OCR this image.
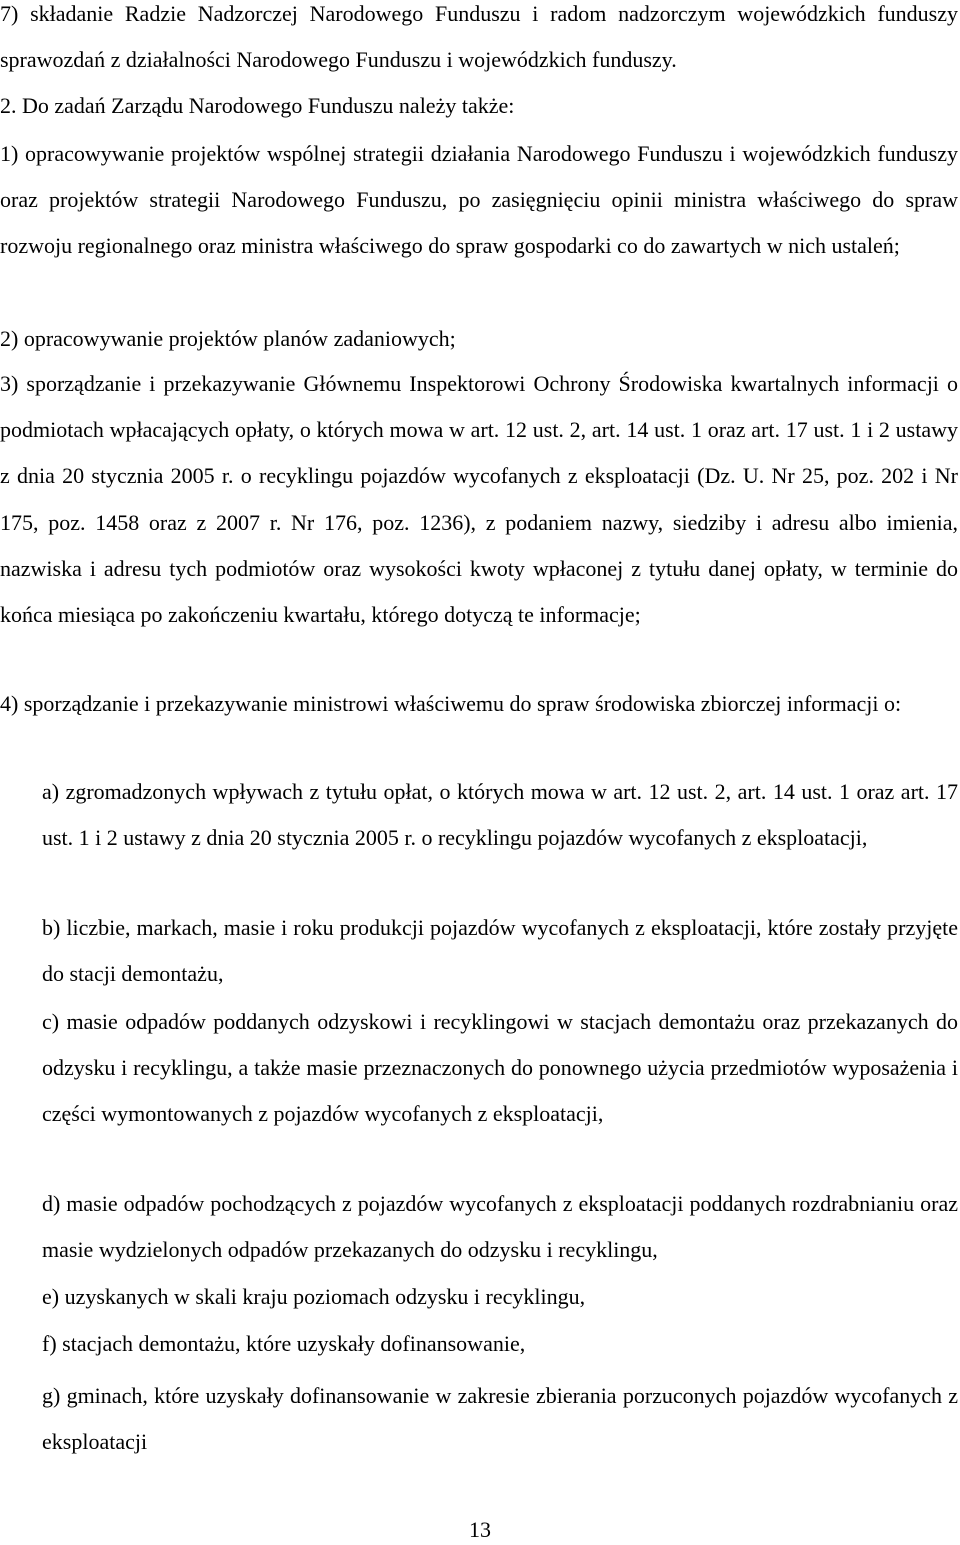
7) składanie Radzie Nadzorczej Narodowego Funduszu i radom nadzorczym wojewódzkich funduszy sprawozdań z działalności Narodowego Funduszu i wojewódzkich funduszy.

2. Do zadań Zarządu Narodowego Funduszu należy także:

1) opracowywanie projektów wspólnej strategii działania Narodowego Funduszu i wojewódzkich funduszy oraz projektów strategii Narodowego Funduszu, po zasięgnięciu opinii ministra właściwego do spraw rozwoju regionalnego oraz ministra właściwego do spraw gospodarki co do zawartych w nich ustaleń;

2) opracowywanie projektów planów zadaniowych;

3) sporządzanie i przekazywanie Głównemu Inspektorowi Ochrony Środowiska kwartalnych informacji o podmiotach wpłacających opłaty, o których mowa w art. 12 ust. 2, art. 14 ust. 1 oraz art. 17 ust. 1 i 2 ustawy z dnia 20 stycznia 2005 r. o recyklingu pojazdów wycofanych z eksploatacji (Dz. U. Nr 25, poz. 202 i Nr 175, poz. 1458 oraz z 2007 r. Nr 176, poz. 1236), z podaniem nazwy, siedziby i adresu albo imienia, nazwiska i adresu tych podmiotów oraz wysokości kwoty wpłaconej z tytułu danej opłaty, w terminie do końca miesiąca po zakończeniu kwartału, którego dotyczą te informacje;

4) sporządzanie i przekazywanie ministrowi właściwemu do spraw środowiska zbiorczej informacji o:

a) zgromadzonych wpływach z tytułu opłat, o których mowa w art. 12 ust. 2, art. 14 ust. 1 oraz art. 17 ust. 1 i 2 ustawy z dnia 20 stycznia 2005 r. o recyklingu pojazdów wycofanych z eksploatacji,

b) liczbie, markach, masie i roku produkcji pojazdów wycofanych z eksploatacji, które zostały przyjęte do stacji demontażu,

c) masie odpadów poddanych odzyskowi i recyklingowi w stacjach demontażu oraz przekazanych do odzysku i recyklingu, a także masie przeznaczonych do ponownego użycia przedmiotów wyposażenia i części wymontowanych z pojazdów wycofanych z eksploatacji,

d) masie odpadów pochodzących z pojazdów wycofanych z eksploatacji poddanych rozdrabnianiu oraz masie wydzielonych odpadów przekazanych do odzysku i recyklingu,

e) uzyskanych w skali kraju poziomach odzysku i recyklingu,

f) stacjach demontażu, które uzyskały dofinansowanie,

g) gminach, które uzyskały dofinansowanie w zakresie zbierania porzuconych pojazdów wycofanych z eksploatacji

13
